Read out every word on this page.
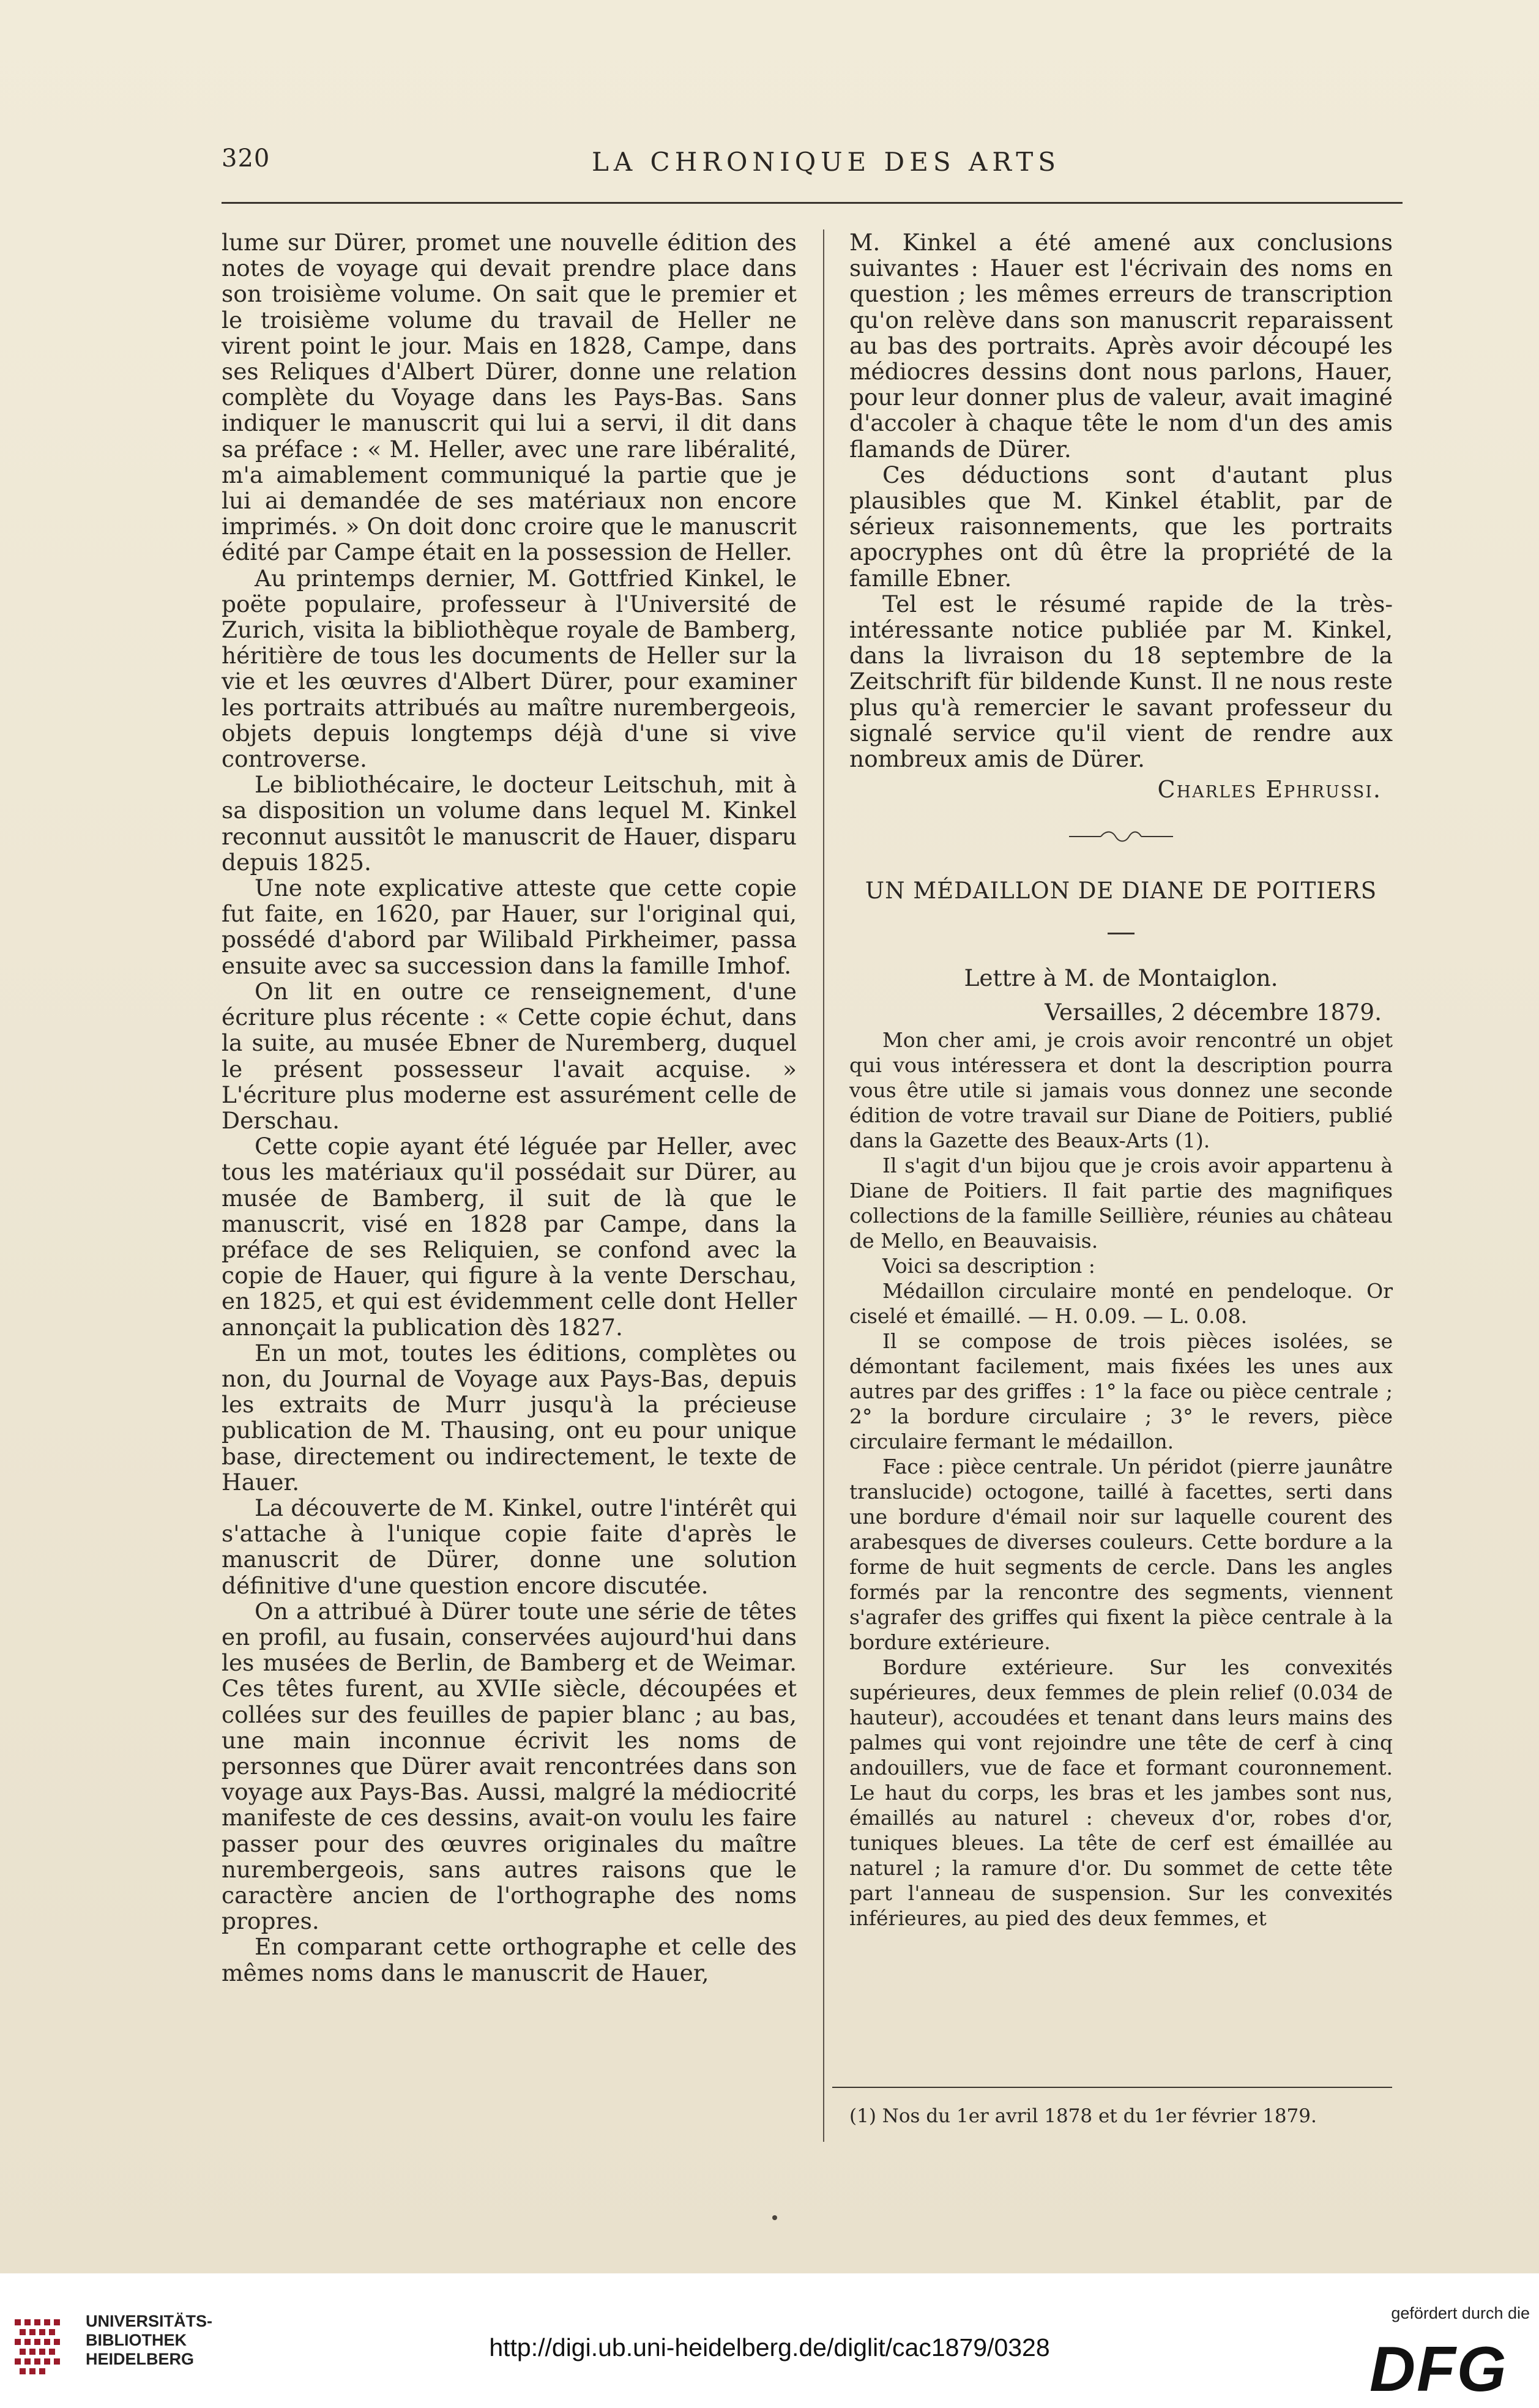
320	LA CHRONIQUE DES ARTS

lume sur Dürer, promet une nouvelle édition des notes de voyage qui devait prendre place dans son troisième volume. On sait que le premier et le troisième volume du travail de Heller ne virent point le jour. Mais en 1828, Campe, dans ses Reliques d'Albert Dürer, donne une relation complète du Voyage dans les Pays-Bas. Sans indiquer le manuscrit qui lui a servi, il dit dans sa préface : « M. Heller, avec une rare libéralité, m'a aimablement communiqué la partie que je lui ai demandée de ses matériaux non encore imprimés. » On doit donc croire que le manuscrit édité par Campe était en la possession de Heller.

Au printemps dernier, M. Gottfried Kinkel, le poëte populaire, professeur à l'Université de Zurich, visita la bibliothèque royale de Bamberg, héritière de tous les documents de Heller sur la vie et les œuvres d'Albert Dürer, pour examiner les portraits attribués au maître nurembergeois, objets depuis longtemps déjà d'une si vive controverse.

Le bibliothécaire, le docteur Leitschuh, mit à sa disposition un volume dans lequel M. Kinkel reconnut aussitôt le manuscrit de Hauer, disparu depuis 1825.

Une note explicative atteste que cette copie fut faite, en 1620, par Hauer, sur l'original qui, possédé d'abord par Wilibald Pirkheimer, passa ensuite avec sa succession dans la famille Imhof.

On lit en outre ce renseignement, d'une écriture plus récente : « Cette copie échut, dans la suite, au musée Ebner de Nuremberg, duquel le présent possesseur l'avait acquise. » L'écriture plus moderne est assurément celle de Derschau.

Cette copie ayant été léguée par Heller, avec tous les matériaux qu'il possédait sur Dürer, au musée de Bamberg, il suit de là que le manuscrit, visé en 1828 par Campe, dans la préface de ses Reliquien, se confond avec la copie de Hauer, qui figure à la vente Derschau, en 1825, et qui est évidemment celle dont Heller annonçait la publication dès 1827.

En un mot, toutes les éditions, complètes ou non, du Journal de Voyage aux Pays-Bas, depuis les extraits de Murr jusqu'à la précieuse publication de M. Thausing, ont eu pour unique base, directement ou indirectement, le texte de Hauer.

La découverte de M. Kinkel, outre l'intérêt qui s'attache à l'unique copie faite d'après le manuscrit de Dürer, donne une solution définitive d'une question encore discutée.

On a attribué à Dürer toute une série de têtes en profil, au fusain, conservées aujourd'hui dans les musées de Berlin, de Bamberg et de Weimar. Ces têtes furent, au XVIIe siècle, découpées et collées sur des feuilles de papier blanc ; au bas, une main inconnue écrivit les noms de personnes que Dürer avait rencontrées dans son voyage aux Pays-Bas. Aussi, malgré la médiocrité manifeste de ces dessins, avait-on voulu les faire passer pour des œuvres originales du maître nurembergeois, sans autres raisons que le caractère ancien de l'orthographe des noms propres.

En comparant cette orthographe et celle des mêmes noms dans le manuscrit de Hauer,

M. Kinkel a été amené aux conclusions suivantes : Hauer est l'écrivain des noms en question ; les mêmes erreurs de transcription qu'on relève dans son manuscrit reparaissent au bas des portraits. Après avoir découpé les médiocres dessins dont nous parlons, Hauer, pour leur donner plus de valeur, avait imaginé d'accoler à chaque tête le nom d'un des amis flamands de Dürer.

Ces déductions sont d'autant plus plausibles que M. Kinkel établit, par de sérieux raisonnements, que les portraits apocryphes ont dû être la propriété de la famille Ebner.

Tel est le résumé rapide de la très-intéressante notice publiée par M. Kinkel, dans la livraison du 18 septembre de la Zeitschrift für bildende Kunst. Il ne nous reste plus qu'à remercier le savant professeur du signalé service qu'il vient de rendre aux nombreux amis de Dürer.

Charles Ephrussi.
UN MÉDAILLON DE DIANE DE POITIERS
Lettre à M. de Montaiglon.
Versailles, 2 décembre 1879.

Mon cher ami, je crois avoir rencontré un objet qui vous intéressera et dont la description pourra vous être utile si jamais vous donnez une seconde édition de votre travail sur Diane de Poitiers, publié dans la Gazette des Beaux-Arts (1).

Il s'agit d'un bijou que je crois avoir appartenu à Diane de Poitiers. Il fait partie des magnifiques collections de la famille Seillière, réunies au château de Mello, en Beauvaisis.

Voici sa description :

Médaillon circulaire monté en pendeloque. Or ciselé et émaillé. — H. 0.09. — L. 0.08.

Il se compose de trois pièces isolées, se démontant facilement, mais fixées les unes aux autres par des griffes : 1° la face ou pièce centrale ; 2° la bordure circulaire ; 3° le revers, pièce circulaire fermant le médaillon.

Face : pièce centrale. Un péridot (pierre jaunâtre translucide) octogone, taillé à facettes, serti dans une bordure d'émail noir sur laquelle courent des arabesques de diverses couleurs. Cette bordure a la forme de huit segments de cercle. Dans les angles formés par la rencontre des segments, viennent s'agrafer des griffes qui fixent la pièce centrale à la bordure extérieure.

Bordure extérieure. Sur les convexités supérieures, deux femmes de plein relief (0.034 de hauteur), accoudées et tenant dans leurs mains des palmes qui vont rejoindre une tête de cerf à cinq andouillers, vue de face et formant couronnement. Le haut du corps, les bras et les jambes sont nus, émaillés au naturel : cheveux d'or, robes d'or, tuniques bleues. La tête de cerf est émaillée au naturel ; la ramure d'or. Du sommet de cette tête part l'anneau de suspension. Sur les convexités inférieures, au pied des deux femmes, et

(1) Nos du 1er avril 1878 et du 1er février 1879.
UNIVERSITÄTS-
BIBLIOTHEK
HEIDELBERG	http://digi.ub.uni-heidelberg.de/diglit/cac1879/0328
gefördert durch die
DFG
